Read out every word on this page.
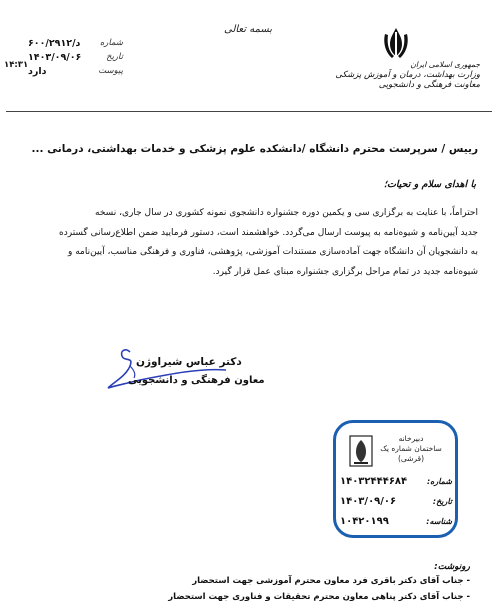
بسمه تعالی
جمهوری اسلامی ایران
وزارت بهداشت، درمان و آموزش پزشکی
معاونت فرهنگی و دانشجویی
شماره
د/۶۰۰/۲۹۱۲
تاریخ
۱۴۰۳/۰۹/۰۶
پیوست
دارد
۱۴:۳۱
رییس / سرپرست محترم دانشگاه /دانشکده علوم پزشکی و خدمات بهداشتی، درمانی ...
با اهدای سلام و تحیات؛
احتراماً، با عنایت به برگزاری سی و یکمین دوره جشنواره دانشجوی نمونه کشوری در سال جاری، نسخه
جدید آیین‌نامه و شیوه‌نامه به پیوست ارسال می‌گردد. خواهشمند است، دستور فرمایید ضمن اطلاع‌رسانی گسترده
به دانشجویان آن دانشگاه جهت آماده‌سازی مستندات آموزشی، پژوهشی، فناوری و فرهنگی مناسب، آیین‌نامه و
شیوه‌نامه جدید در تمام مراحل برگزاری جشنواره مبنای عمل قرار گیرد.
دکتر عباس شیراوژن
معاون فرهنگی و دانشجویی
دبیرخانه
ساختمان شماره یک
(قرشی)
شماره:
۱۴۰۳۲۴۴۴۶۸۴
تاریخ:
۱۴۰۳/۰۹/۰۶
شناسه:
۱۰۴۲۰۱۹۹
رونوشت:
- جناب آقای دکتر باقری فرد معاون محترم آموزشی جهت استحضار
- جناب آقای دکتر پناهی معاون محترم تحقیقات و فناوری جهت استحضار
